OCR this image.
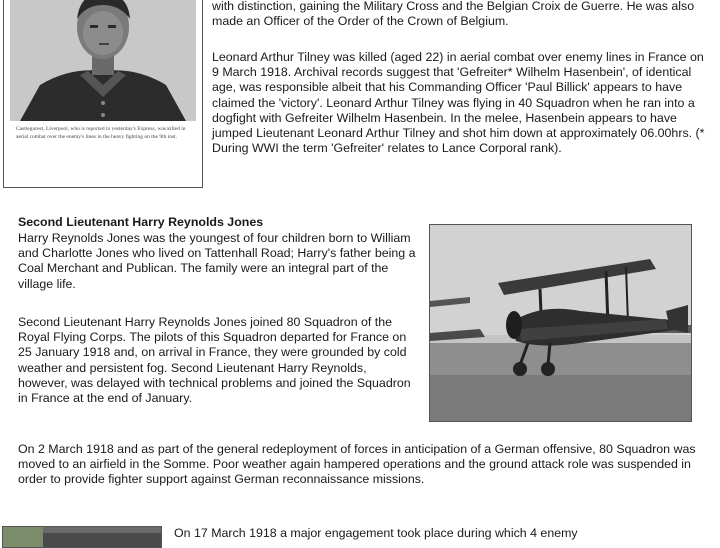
Castlegurest, Liverpool, who is reported in yesterday's Express, was killed in aerial combat over the enemy's lines in the heavy fighting on the 9th inst.

with distinction, gaining the Military Cross and the Belgian Croix de Guerre. He was also made an Officer of the Order of the Crown of Belgium.

Leonard Arthur Tilney was killed (aged 22) in aerial combat over enemy lines in France on 9 March 1918. Archival records suggest that 'Gefreiter* Wilhelm Hasenbein', of identical age, was responsible albeit that his Commanding Officer 'Paul Billick' appears to have claimed the 'victory'. Leonard Arthur Tilney was flying in 40 Squadron when he ran into a dogfight with Gefreiter Wilhelm Hasenbein. In the melee, Hasenbein appears to have jumped Lieutenant Leonard Arthur Tilney and shot him down at approximately 06.00hrs. (* During WWI the term 'Gefreiter' relates to Lance Corporal rank).

Second Lieutenant Harry Reynolds Jones

Harry Reynolds Jones was the youngest of four children born to William and Charlotte Jones who lived on Tattenhall Road; Harry's father being a Coal Merchant and Publican. The family were an integral part of the village life.

Second Lieutenant Harry Reynolds Jones joined 80 Squadron of the Royal Flying Corps. The pilots of this Squadron departed for France on 25 January 1918 and, on arrival in France, they were grounded by cold weather and persistent fog. Second Lieutenant Harry Reynolds, however, was delayed with technical problems and joined the Squadron in France at the end of January.

On 2 March 1918 and as part of the general redeployment of forces in anticipation of a German offensive, 80 Squadron was moved to an airfield in the Somme. Poor weather again hampered operations and the ground attack role was suspended in order to provide fighter support against German reconnaissance missions.

On 17 March 1918 a major engagement took place during which 4 enemy
